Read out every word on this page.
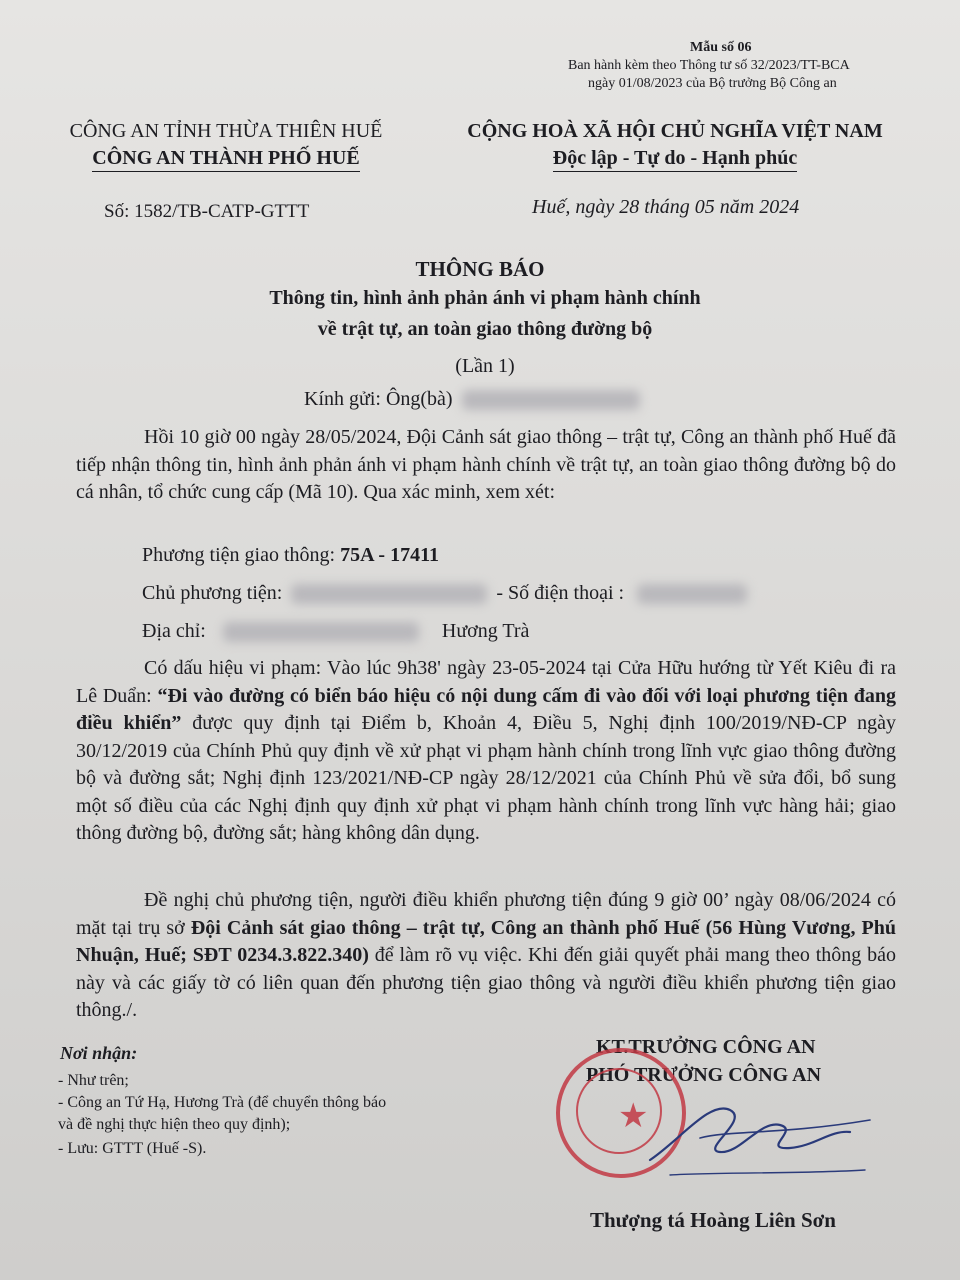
Mẫu số 06
Ban hành kèm theo Thông tư số 32/2023/TT-BCA
ngày 01/08/2023 của Bộ trưởng Bộ Công an
CÔNG AN TỈNH THỪA THIÊN HUẾ
CÔNG AN THÀNH PHỐ HUẾ
Số: 1582/TB-CATP-GTTT
CỘNG HOÀ XÃ HỘI CHỦ NGHĨA VIỆT NAM
Độc lập - Tự do - Hạnh phúc
Huế, ngày 28 tháng 05 năm 2024
THÔNG BÁO
Thông tin, hình ảnh phản ánh vi phạm hành chính
về trật tự, an toàn giao thông đường bộ
(Lần 1)
Kính gửi: Ông(bà)
Hồi 10 giờ 00 ngày 28/05/2024, Đội Cảnh sát giao thông – trật tự, Công an thành phố Huế đã tiếp nhận thông tin, hình ảnh phản ánh vi phạm hành chính về trật tự, an toàn giao thông đường bộ do cá nhân, tổ chức cung cấp (Mã 10). Qua xác minh, xem xét:
Phương tiện giao thông: 75A - 17411
Chủ phương tiện:	- Số điện thoại :
Địa chỉ:	Hương Trà
Có dấu hiệu vi phạm: Vào lúc 9h38' ngày 23-05-2024 tại Cửa Hữu hướng từ Yết Kiêu đi ra Lê Duẩn: “Đi vào đường có biển báo hiệu có nội dung cấm đi vào đối với loại phương tiện đang điều khiển” được quy định tại Điểm b, Khoản 4, Điều 5, Nghị định 100/2019/NĐ-CP ngày 30/12/2019 của Chính Phủ quy định về xử phạt vi phạm hành chính trong lĩnh vực giao thông đường bộ và đường sắt; Nghị định 123/2021/NĐ-CP ngày 28/12/2021 của Chính Phủ về sửa đổi, bổ sung một số điều của các Nghị định quy định xử phạt vi phạm hành chính trong lĩnh vực hàng hải; giao thông đường bộ, đường sắt; hàng không dân dụng.
Đề nghị chủ phương tiện, người điều khiển phương tiện đúng 9 giờ 00’ ngày 08/06/2024 có mặt tại trụ sở Đội Cảnh sát giao thông – trật tự, Công an thành phố Huế (56 Hùng Vương, Phú Nhuận, Huế; SĐT 0234.3.822.340) để làm rõ vụ việc. Khi đến giải quyết phải mang theo thông báo này và các giấy tờ có liên quan đến phương tiện giao thông và người điều khiển phương tiện giao thông./.
Nơi nhận:
- Như trên;
- Công an Tứ Hạ, Hương Trà (để chuyển thông báo
và đề nghị thực hiện theo quy định);
- Lưu: GTTT (Huế -S).
KT.TRƯỞNG CÔNG AN
PHÓ TRƯỞNG CÔNG AN
★
Thượng tá Hoàng Liên Sơn
